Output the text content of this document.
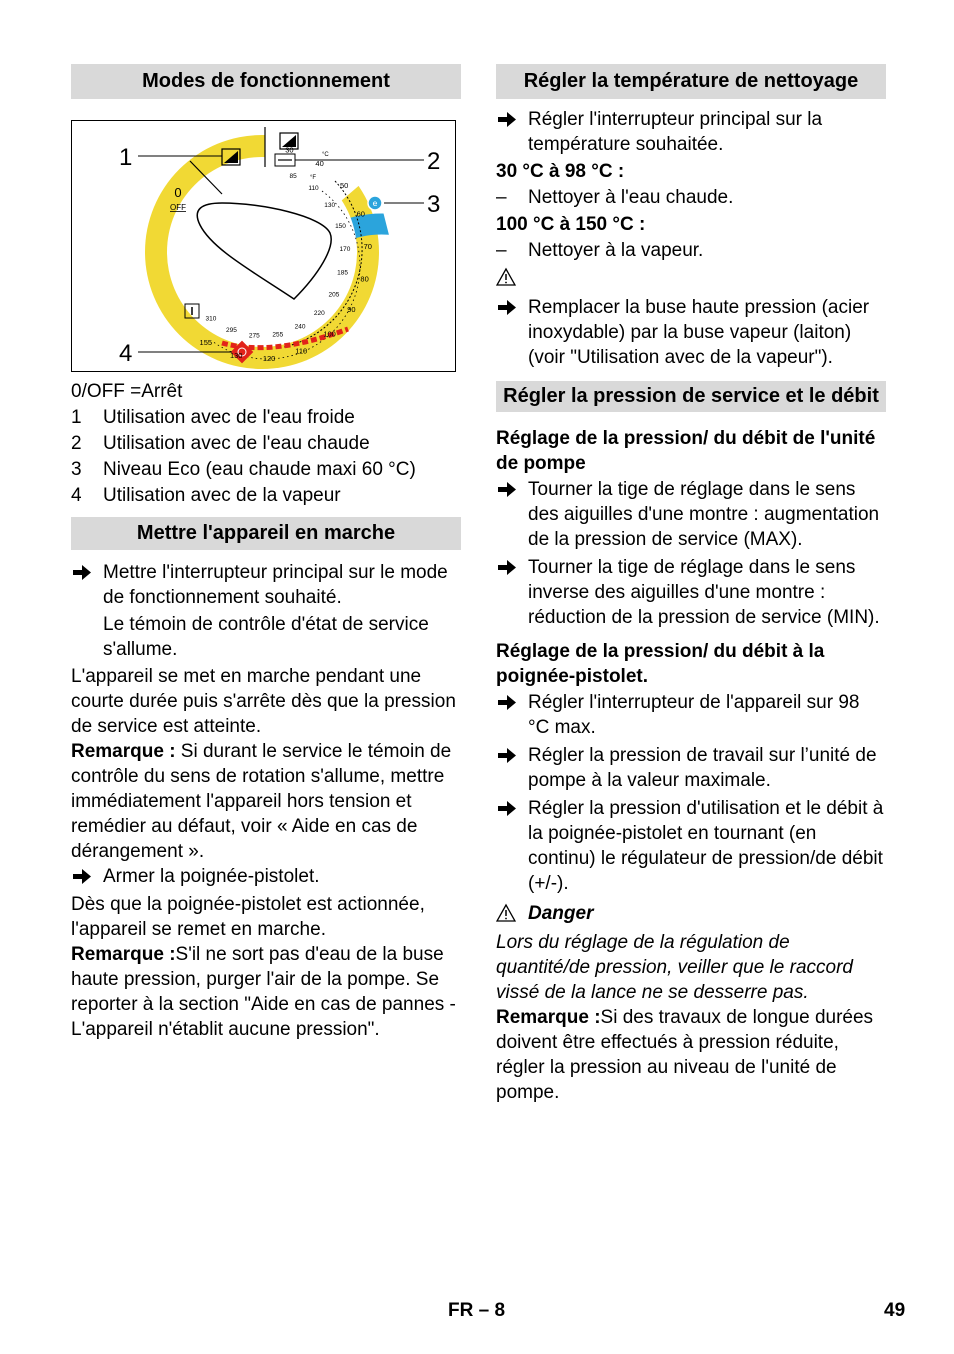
Modes de fonctionnement
e
0
OFF
°C
°F
30
40
50
60
70
80
90
100
110
120
130
155
85
110
130
150
170
185
205
220
240
255
275
295
310
1	2
3
4
0/OFF =Arrêt
1 Utilisation avec de l'eau froide
2 Utilisation avec de l'eau chaude
3 Niveau Eco (eau chaude maxi 60 °C)
4 Utilisation avec de la vapeur
Mettre l'appareil en marche

Mettre l'interrupteur principal sur le mode de fonctionnement souhaité.

Le témoin de contrôle d'état de service s'allume.

L'appareil se met en marche pendant une courte durée puis s'arrête dès que la pression de service est atteinte.

Remarque : Si durant le service le témoin de contrôle du sens de rotation s'allume, mettre immédiatement l'appareil hors tension et remédier au défaut, voir « Aide en cas de dérangement ».

Armer la poignée-pistolet.

Dès que la poignée-pistolet est actionnée, l'appareil se remet en marche.

Remarque :S'il ne sort pas d'eau de la buse haute pression, purger l'air de la pompe. Se reporter à la section "Aide en cas de pannes - L'appareil n'établit aucune pression".

Régler la température de nettoyage

Régler l'interrupteur principal sur la température souhaitée.

30 °C à 98 °C :

– Nettoyer à l'eau chaude.

100 °C à 150 °C :

– Nettoyer à la vapeur.

Remplacer la buse haute pression (acier inoxydable) par la buse vapeur (laiton) (voir "Utilisation avec de la vapeur").

Régler la pression de service et le débit

Réglage de la pression/ du débit de l'unité de pompe

Tourner la tige de réglage dans le sens des aiguilles d'une montre : augmentation de la pression de service (MAX).

Tourner la tige de réglage dans le sens inverse des aiguilles d'une montre : réduction de la pression de service (MIN).

Réglage de la pression/ du débit à la poignée-pistolet.

Régler l'interrupteur de l'appareil sur 98 °C max.

Régler la pression de travail sur l’unité de pompe à la valeur maximale.

Régler la pression d'utilisation et le débit à la poignée-pistolet en tournant (en continu) le régulateur de pression/de débit (+/-).

Danger

Lors du réglage de la régulation de quantité/de pression, veiller que le raccord vissé de la lance ne se desserre pas.

Remarque :Si des travaux de longue durées doivent être effectués à pression réduite, régler la pression au niveau de l'unité de pompe.

FR – 8	49
